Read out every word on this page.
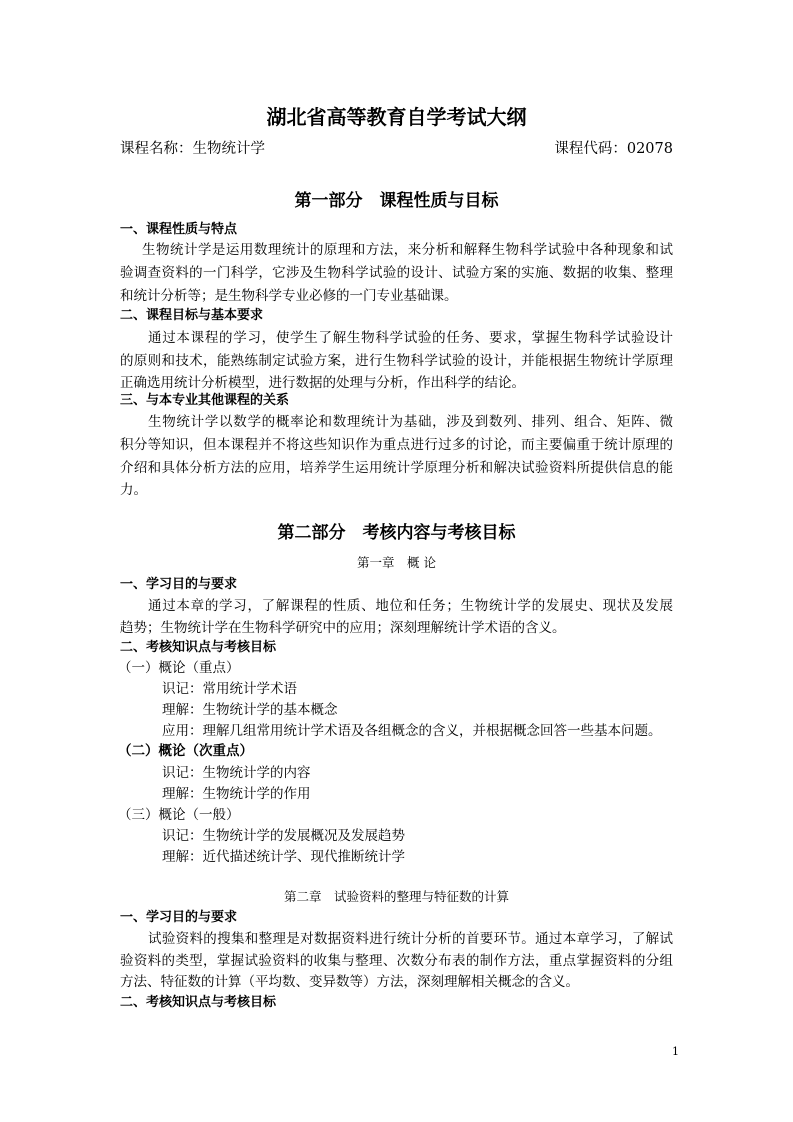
湖北省高等教育自学考试大纲
课程名称：生物统计学	课程代码：02078
第一部分　课程性质与目标
一、课程性质与特点
生物统计学是运用数理统计的原理和方法，来分析和解释生物科学试验中各种现象和试
验调查资料的一门科学，它涉及生物科学试验的设计、试验方案的实施、数据的收集、整理
和统计分析等；是生物科学专业必修的一门专业基础课。
二、课程目标与基本要求
通过本课程的学习，使学生了解生物科学试验的任务、要求，掌握生物科学试验设计
的原则和技术，能熟练制定试验方案，进行生物科学试验的设计，并能根据生物统计学原理
正确选用统计分析模型，进行数据的处理与分析，作出科学的结论。
三、与本专业其他课程的关系
生物统计学以数学的概率论和数理统计为基础，涉及到数列、排列、组合、矩阵、微
积分等知识，但本课程并不将这些知识作为重点进行过多的讨论，而主要偏重于统计原理的
介绍和具体分析方法的应用，培养学生运用统计学原理分析和解决试验资料所提供信息的能
力。
第二部分　考核内容与考核目标
第一章　概 论
一、学习目的与要求
通过本章的学习，了解课程的性质、地位和任务；生物统计学的发展史、现状及发展
趋势；生物统计学在生物科学研究中的应用；深刻理解统计学术语的含义。
二、考核知识点与考核目标
（一）概论（重点）
识记：常用统计学术语
理解：生物统计学的基本概念
应用：理解几组常用统计学术语及各组概念的含义，并根据概念回答一些基本问题。
（二）概论（次重点）
识记：生物统计学的内容
理解：生物统计学的作用
（三）概论（一般）
识记：生物统计学的发展概况及发展趋势
理解：近代描述统计学、现代推断统计学
第二章　试验资料的整理与特征数的计算
一、学习目的与要求
试验资料的搜集和整理是对数据资料进行统计分析的首要环节。通过本章学习，了解试
验资料的类型，掌握试验资料的收集与整理、次数分布表的制作方法，重点掌握资料的分组
方法、特征数的计算（平均数、变异数等）方法，深刻理解相关概念的含义。
二、考核知识点与考核目标
1
